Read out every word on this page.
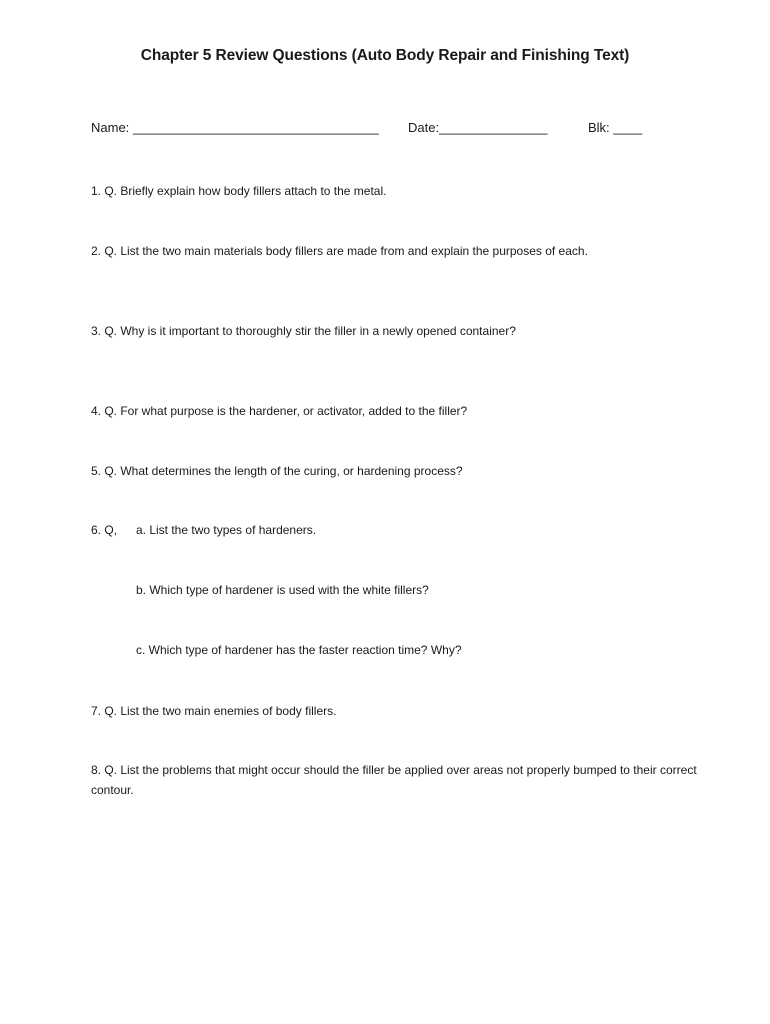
Chapter 5 Review Questions (Auto Body Repair and Finishing Text)

Name: __________________________________

Date:_______________

	Blk: ____

1. Q. Briefly explain how body fillers attach to the metal.
2. Q. List the two main materials body fillers are made from and explain the purposes of each.
3. Q. Why is it important to thoroughly stir the filler in a newly opened container?
4. Q. For what purpose is the hardener, or activator, added to the filler?
5. Q. What determines the length of the curing, or hardening process?
6. Q, a. List the two types of hardeners.
b. Which type of hardener is used with the white fillers?
c. Which type of hardener has the faster reaction time? Why?
7. Q. List the two main enemies of body fillers.
8. Q. List the problems that might occur should the filler be applied over areas not properly bumped to their correct contour.
